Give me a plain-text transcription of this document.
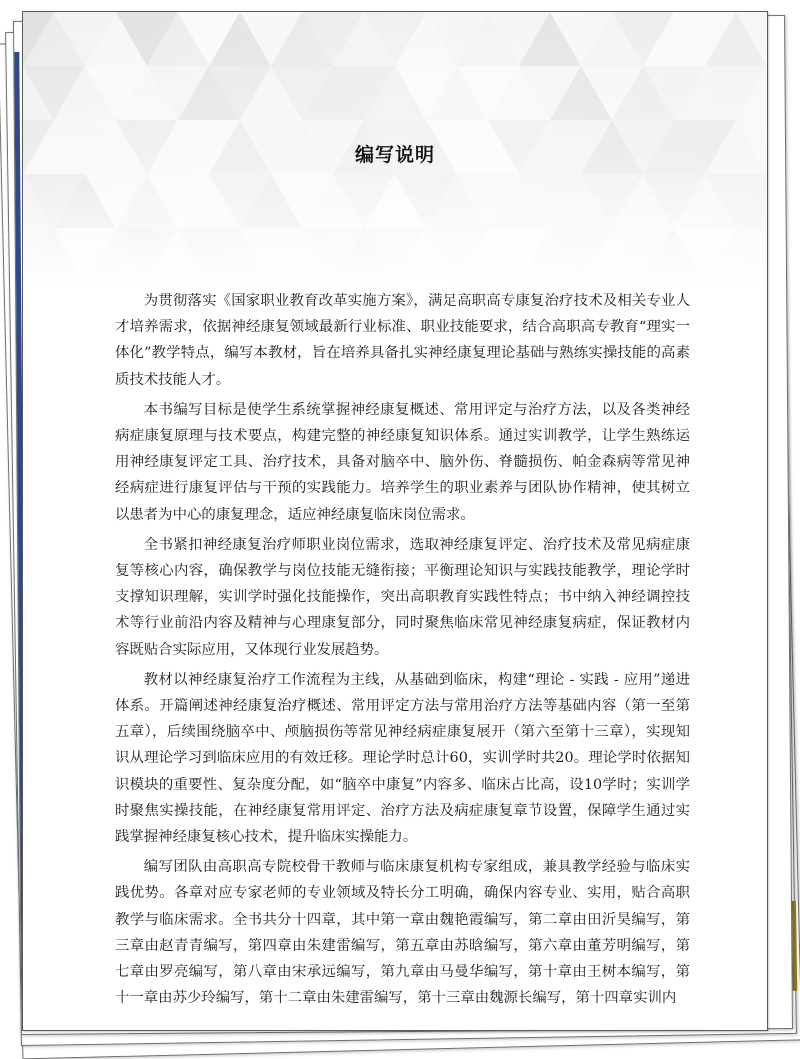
编写说明

为贯彻落实《国家职业教育改革实施方案》，满足高职高专康复治疗技术及相关专业人才培养需求，依据神经康复领域最新行业标准、职业技能要求，结合高职高专教育“理实一体化”教学特点，编写本教材，旨在培养具备扎实神经康复理论基础与熟练实操技能的高素质技术技能人才。

本书编写目标是使学生系统掌握神经康复概述、常用评定与治疗方法，以及各类神经病症康复原理与技术要点，构建完整的神经康复知识体系。通过实训教学，让学生熟练运用神经康复评定工具、治疗技术，具备对脑卒中、脑外伤、脊髓损伤、帕金森病等常见神经病症进行康复评估与干预的实践能力。培养学生的职业素养与团队协作精神，使其树立以患者为中心的康复理念，适应神经康复临床岗位需求。

全书紧扣神经康复治疗师职业岗位需求，选取神经康复评定、治疗技术及常见病症康复等核心内容，确保教学与岗位技能无缝衔接；平衡理论知识与实践技能教学，理论学时支撑知识理解，实训学时强化技能操作，突出高职教育实践性特点；书中纳入神经调控技术等行业前沿内容及精神与心理康复部分，同时聚焦临床常见神经康复病症，保证教材内容既贴合实际应用，又体现行业发展趋势。

教材以神经康复治疗工作流程为主线，从基础到临床，构建“理论 - 实践 - 应用”递进体系。开篇阐述神经康复治疗概述、常用评定方法与常用治疗方法等基础内容（第一至第五章），后续围绕脑卒中、颅脑损伤等常见神经病症康复展开（第六至第十三章），实现知识从理论学习到临床应用的有效迁移。理论学时总计60，实训学时共20。理论学时依据知识模块的重要性、复杂度分配，如“脑卒中康复”内容多、临床占比高，设10学时；实训学时聚焦实操技能，在神经康复常用评定、治疗方法及病症康复章节设置，保障学生通过实践掌握神经康复核心技术，提升临床实操能力。

编写团队由高职高专院校骨干教师与临床康复机构专家组成，兼具教学经验与临床实践优势。各章对应专家老师的专业领域及特长分工明确，确保内容专业、实用，贴合高职教学与临床需求。全书共分十四章，其中第一章由魏艳霞编写，第二章由田沂昊编写，第三章由赵青青编写，第四章由朱建雷编写，第五章由苏晗编写，第六章由董芳明编写，第七章由罗亮编写，第八章由宋承远编写，第九章由马曼华编写，第十章由王树本编写，第十一章由苏少玲编写，第十二章由朱建雷编写，第十三章由魏源长编写，第十四章实训内
